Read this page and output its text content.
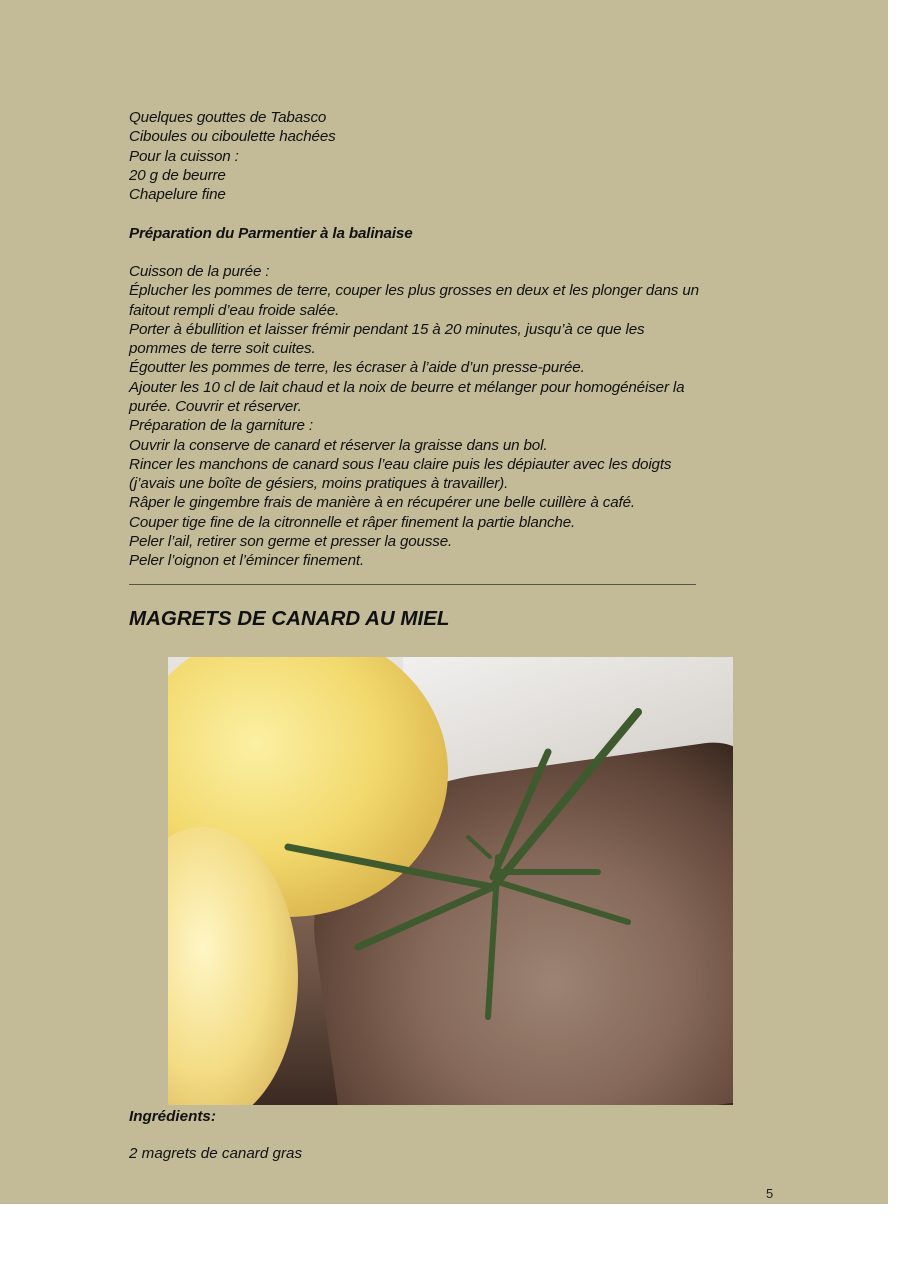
Quelques gouttes de Tabasco
Ciboules ou ciboulette hachées
Pour la cuisson :
20 g de beurre
Chapelure fine
Préparation du Parmentier à la balinaise
Cuisson de la purée :
Éplucher les pommes de terre, couper les plus grosses en deux et les plonger dans un
faitout rempli d’eau froide salée.
Porter à ébullition et laisser frémir pendant 15 à 20 minutes, jusqu’à ce que les
pommes de terre soit cuites.
Égoutter les pommes de terre, les écraser à l’aide d’un presse-purée.
Ajouter les 10 cl de lait chaud et la noix de beurre et mélanger pour homogénéiser la
purée. Couvrir et réserver.
Préparation de la garniture :
Ouvrir la conserve de canard et réserver la graisse dans un bol.
Rincer les manchons de canard sous l’eau claire puis les dépiauter avec les doigts
(j’avais une boîte de gésiers, moins pratiques à travailler).
Râper le gingembre frais de manière à en récupérer une belle cuillère à café.
Couper tige fine de la citronnelle et râper finement la partie blanche.
Peler l’ail, retirer son germe et presser la gousse.
Peler l’oignon et l’émincer finement.
MAGRETS DE CANARD AU MIEL
Ingrédients:
2 magrets de canard gras
5
